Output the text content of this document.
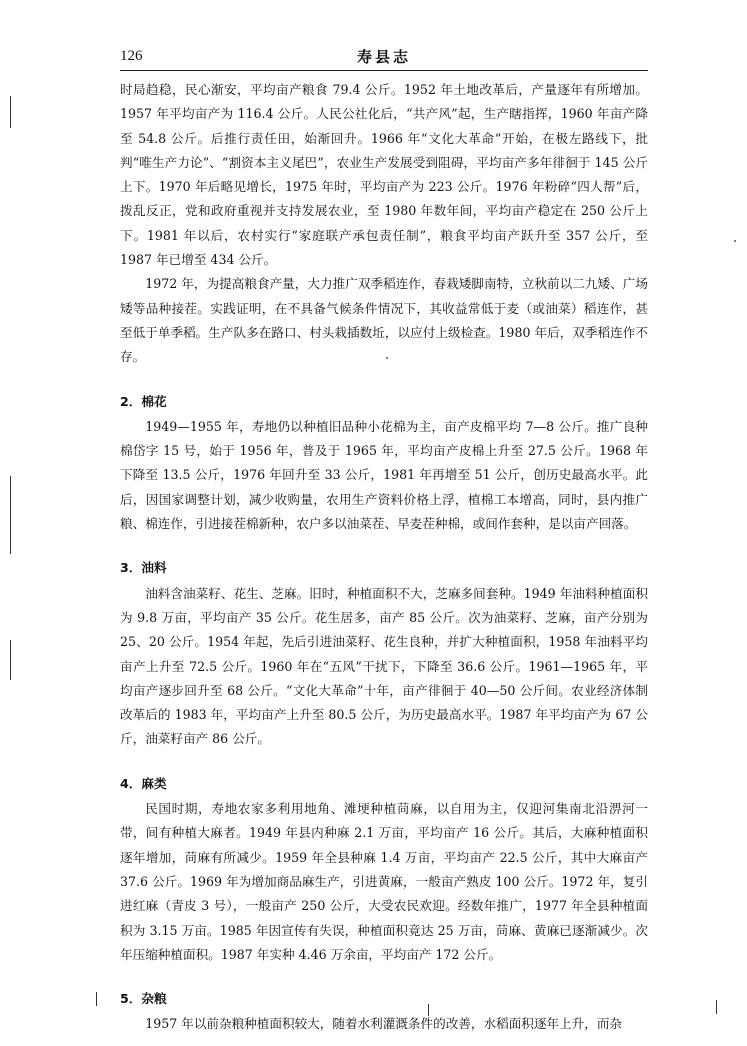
126	寿县志

时局趋稳，民心渐安，平均亩产粮食 79.4 公斤。1952 年土地改革后，产量逐年有所增加。1957 年平均亩产为 116.4 公斤。人民公社化后，“共产风”起，生产瞎指挥，1960 年亩产降至 54.8 公斤。后推行责任田，始渐回升。1966 年“文化大革命”开始，在极左路线下，批判“唯生产力论”、“割资本主义尾巴”，农业生产发展受到阻碍，平均亩产多年徘徊于 145 公斤上下。1970 年后略见增长，1975 年时，平均亩产为 223 公斤。1976 年粉碎“四人帮”后，拨乱反正，党和政府重视并支持发展农业，至 1980 年数年间，平均亩产稳定在 250 公斤上下。1981 年以后，农村实行“家庭联产承包责任制”，粮食平均亩产跃升至 357 公斤，至 1987 年已增至 434 公斤。

1972 年，为提高粮食产量，大力推广双季稻连作，春栽矮脚南特，立秋前以二九矮、广场矮等品种接茬。实践证明，在不具备气候条件情况下，其收益常低于麦（或油菜）稻连作，甚至低于单季稻。生产队多在路口、村头栽插数坵，以应付上级检查。1980 年后，双季稻连作不存。

2．棉花

1949—1955 年，寿地仍以种植旧品种小花棉为主，亩产皮棉平均 7—8 公斤。推广良种棉岱字 15 号，始于 1956 年，普及于 1965 年，平均亩产皮棉上升至 27.5 公斤。1968 年下降至 13.5 公斤，1976 年回升至 33 公斤，1981 年再增至 51 公斤，创历史最高水平。此后，因国家调整计划，减少收购量，农用生产资料价格上浮，植棉工本增高，同时，县内推广粮、棉连作，引进接茬棉新种，农户多以油菜茬、早麦茬种棉，或间作套种，是以亩产回落。

3．油料

油料含油菜籽、花生、芝麻。旧时，种植面积不大，芝麻多间套种。1949 年油料种植面积为 9.8 万亩，平均亩产 35 公斤。花生居多，亩产 85 公斤。次为油菜籽、芝麻，亩产分别为 25、20 公斤。1954 年起，先后引进油菜籽、花生良种，并扩大种植面积，1958 年油料平均亩产上升至 72.5 公斤。1960 年在“五风”干扰下，下降至 36.6 公斤。1961—1965 年，平均亩产逐步回升至 68 公斤。“文化大革命”十年，亩产徘徊于 40—50 公斤间。农业经济体制改革后的 1983 年，平均亩产上升至 80.5 公斤，为历史最高水平。1987 年平均亩产为 67 公斤，油菜籽亩产 86 公斤。

4．麻类

民国时期，寿地农家多利用地角、滩埂种植苘麻，以自用为主，仅迎河集南北沿淠河一带，间有种植大麻者。1949 年县内种麻 2.1 万亩，平均亩产 16 公斤。其后，大麻种植面积逐年增加，苘麻有所减少。1959 年全县种麻 1.4 万亩，平均亩产 22.5 公斤，其中大麻亩产 37.6 公斤。1969 年为增加商品麻生产，引进黄麻，一般亩产熟皮 100 公斤。1972 年，复引进红麻（青皮 3 号），一般亩产 250 公斤，大受农民欢迎。经数年推广，1977 年全县种植面积为 3.15 万亩。1985 年因宣传有失误，种植面积竟达 25 万亩，苘麻、黄麻已逐渐减少。次年压缩种植面积。1987 年实种 4.46 万余亩，平均亩产 172 公斤。

5．杂粮

1957 年以前杂粮种植面积较大，随着水利灌溉条件的改善，水稻面积逐年上升，而杂
